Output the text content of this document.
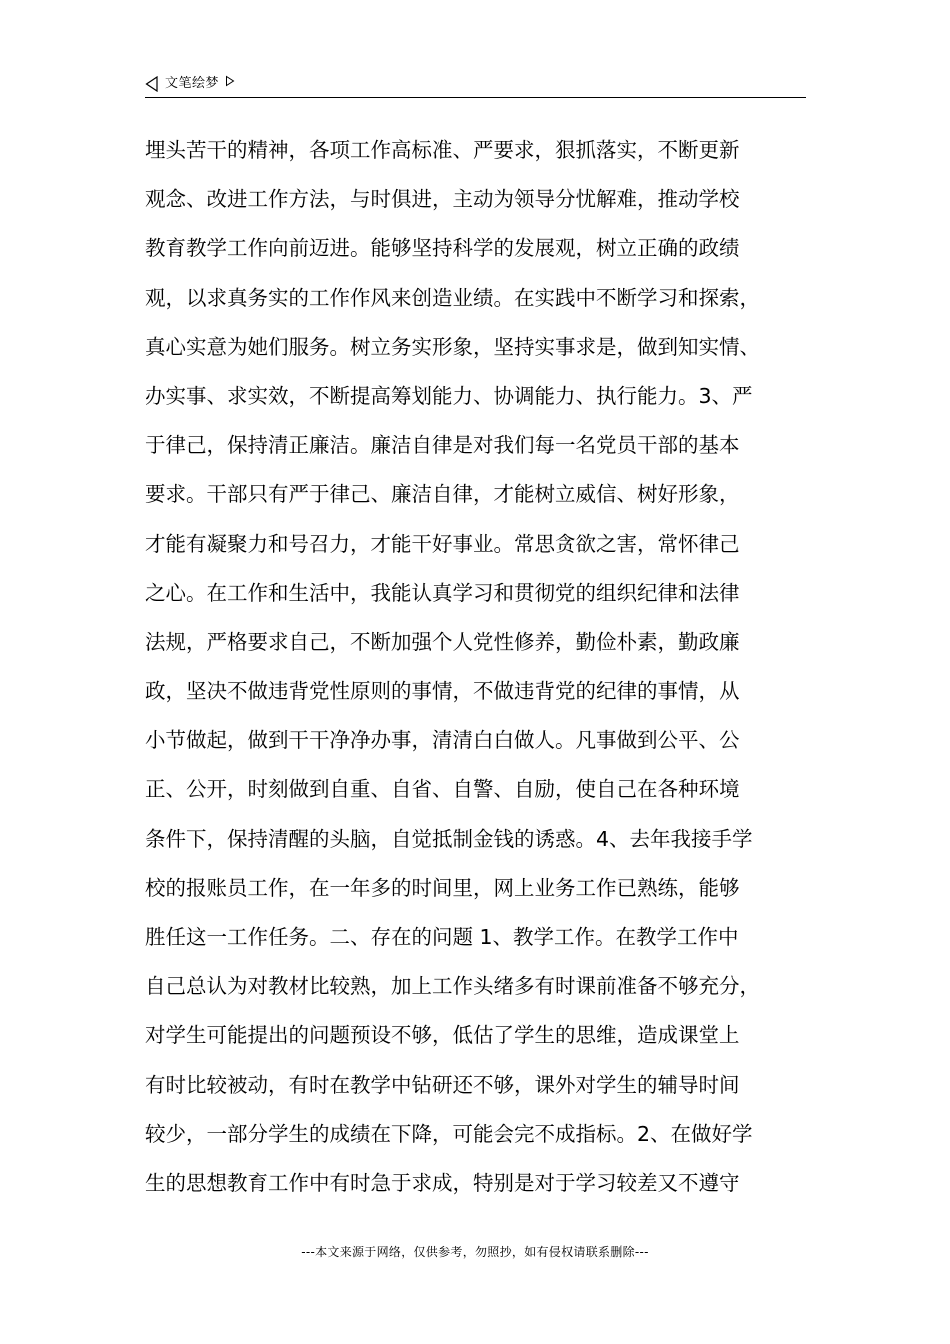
文笔绘梦
埋头苦干的精神，各项工作高标准、严要求，狠抓落实，不断更新
观念、改进工作方法，与时俱进，主动为领导分忧解难，推动学校
教育教学工作向前迈进。能够坚持科学的发展观，树立正确的政绩
观，以求真务实的工作作风来创造业绩。在实践中不断学习和探索，
真心实意为她们服务。树立务实形象，坚持实事求是，做到知实情、
办实事、求实效，不断提高筹划能力、协调能力、执行能力。3、严
于律己，保持清正廉洁。廉洁自律是对我们每一名党员干部的基本
要求。干部只有严于律己、廉洁自律，才能树立威信、树好形象，
才能有凝聚力和号召力，才能干好事业。常思贪欲之害，常怀律己
之心。在工作和生活中，我能认真学习和贯彻党的组织纪律和法律
法规，严格要求自己，不断加强个人党性修养，勤俭朴素，勤政廉
政，坚决不做违背党性原则的事情，不做违背党的纪律的事情，从
小节做起，做到干干净净办事，清清白白做人。凡事做到公平、公
正、公开，时刻做到自重、自省、自警、自励，使自己在各种环境
条件下，保持清醒的头脑，自觉抵制金钱的诱惑。4、去年我接手学
校的报账员工作，在一年多的时间里，网上业务工作已熟练，能够
胜任这一工作任务。二、存在的问题 1、教学工作。在教学工作中
自己总认为对教材比较熟，加上工作头绪多有时课前准备不够充分，
对学生可能提出的问题预设不够，低估了学生的思维，造成课堂上
有时比较被动，有时在教学中钻研还不够，课外对学生的辅导时间
较少，一部分学生的成绩在下降，可能会完不成指标。2、在做好学
生的思想教育工作中有时急于求成，特别是对于学习较差又不遵守
---本文来源于网络，仅供参考，勿照抄，如有侵权请联系删除---
